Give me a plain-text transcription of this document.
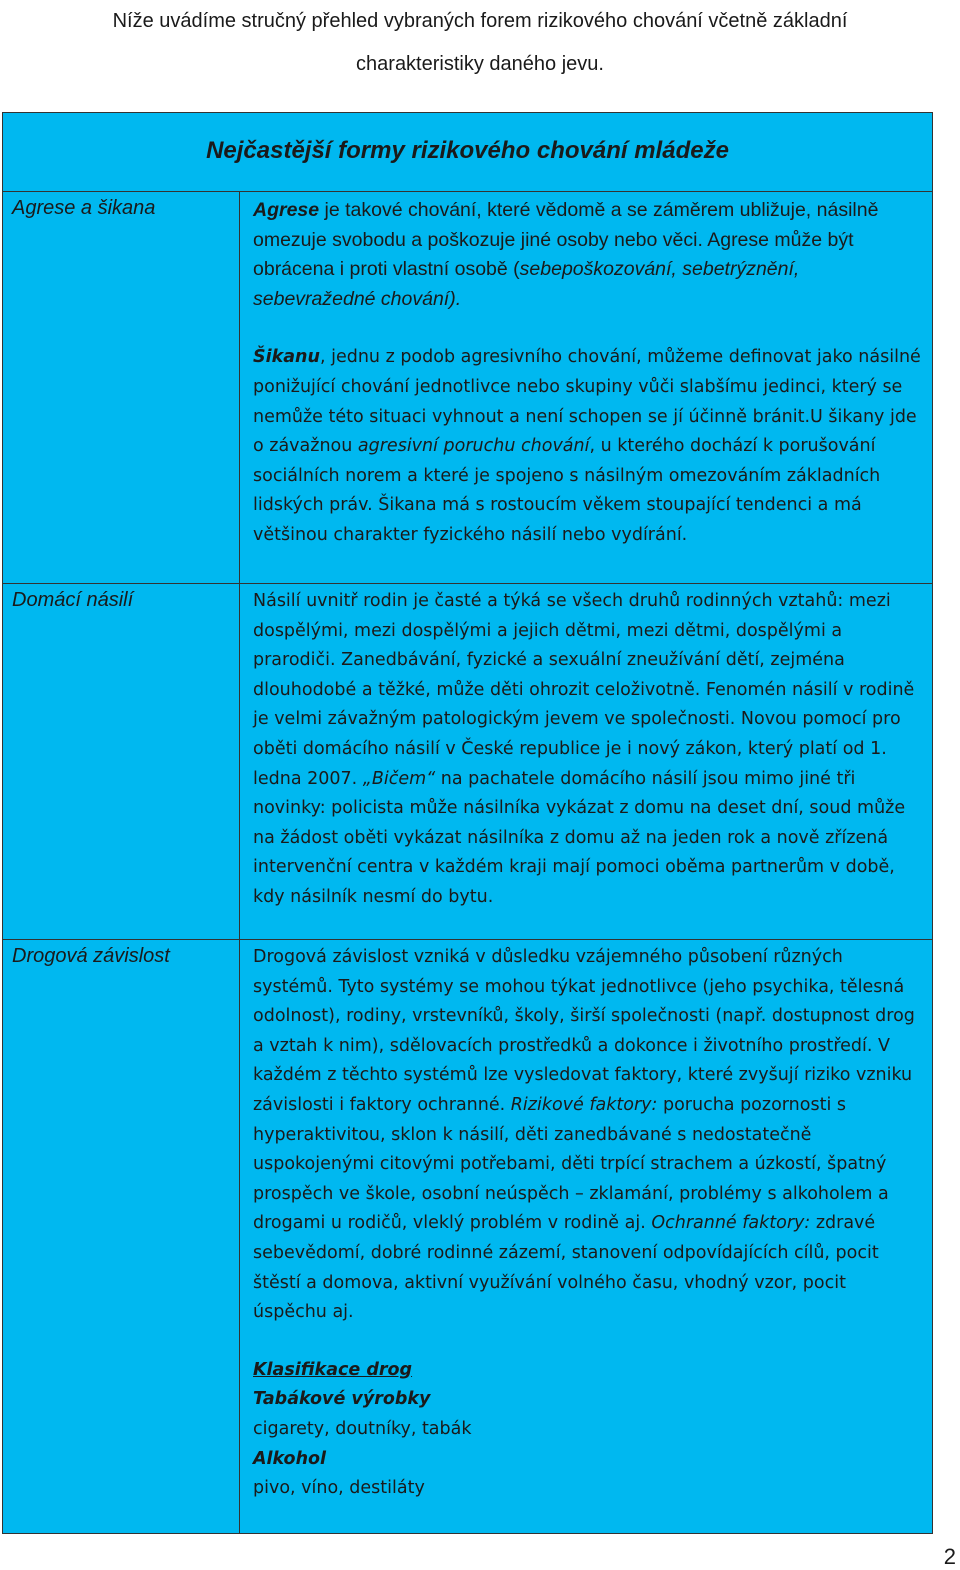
Níže uvádíme stručný přehled vybraných forem rizikového chování včetně základní
charakteristiky daného jevu.
Nejčastější formy rizikového chování mládeže
Agrese a šikana	Agrese je takové chování, které vědomě a se záměrem ubližuje, násilně omezuje svobodu a poškozuje jiné osoby nebo věci. Agrese může být obrácena i proti vlastní osobě (sebepoškozování, sebetrýznění, sebevražedné chování).

Šikanu, jednu z podob agresivního chování, můžeme definovat jako násilné ponižující chování jednotlivce nebo skupiny vůči slabšímu jedinci, který se nemůže této situaci vyhnout a není schopen se jí účinně bránit.U šikany jde o závažnou agresivní poruchu chování, u kterého dochází k porušování sociálních norem a které je spojeno s násilným omezováním základních lidských práv. Šikana má s rostoucím věkem stoupající tendenci a má většinou charakter fyzického násilí nebo vydírání.

Domácí násilí	Násilí uvnitř rodin je časté a týká se všech druhů rodinných vztahů: mezi dospělými, mezi dospělými a jejich dětmi, mezi dětmi, dospělými a prarodiči. Zanedbávání, fyzické a sexuální zneužívání dětí, zejména dlouhodobé a těžké, může děti ohrozit celoživotně. Fenomén násilí v rodině je velmi závažným patologickým jevem ve společnosti. Novou pomocí pro oběti domácího násilí v České republice je i nový zákon, který platí od 1. ledna 2007. „Bičem“ na pachatele domácího násilí jsou mimo jiné tři novinky: policista může násilníka vykázat z domu na deset dní, soud může na žádost oběti vykázat násilníka z domu až na jeden rok a nově zřízená intervenční centra v každém kraji mají pomoci oběma partnerům v době, kdy násilník nesmí do bytu.

Drogová závislost	Drogová závislost vzniká v důsledku vzájemného působení různých systémů. Tyto systémy se mohou týkat jednotlivce (jeho psychika, tělesná odolnost), rodiny, vrstevníků, školy, širší společnosti (např. dostupnost drog a vztah k nim), sdělovacích prostředků a dokonce i životního prostředí. V každém z těchto systémů lze vysledovat faktory, které zvyšují riziko vzniku závislosti i faktory ochranné. Rizikové faktory: porucha pozornosti s hyperaktivitou, sklon k násilí, děti zanedbávané s nedostatečně uspokojenými citovými potřebami, děti trpící strachem a úzkostí, špatný prospěch ve škole, osobní neúspěch – zklamání, problémy s alkoholem a drogami u rodičů, vleklý problém v rodině aj. Ochranné faktory: zdravé sebevědomí, dobré rodinné zázemí, stanovení odpovídajících cílů, pocit štěstí a domova, aktivní využívání volného času, vhodný vzor, pocit úspěchu aj.

Klasifikace drog

Tabákové výrobky

cigarety, doutníky, tabák

Alkohol

pivo, víno, destiláty

2
